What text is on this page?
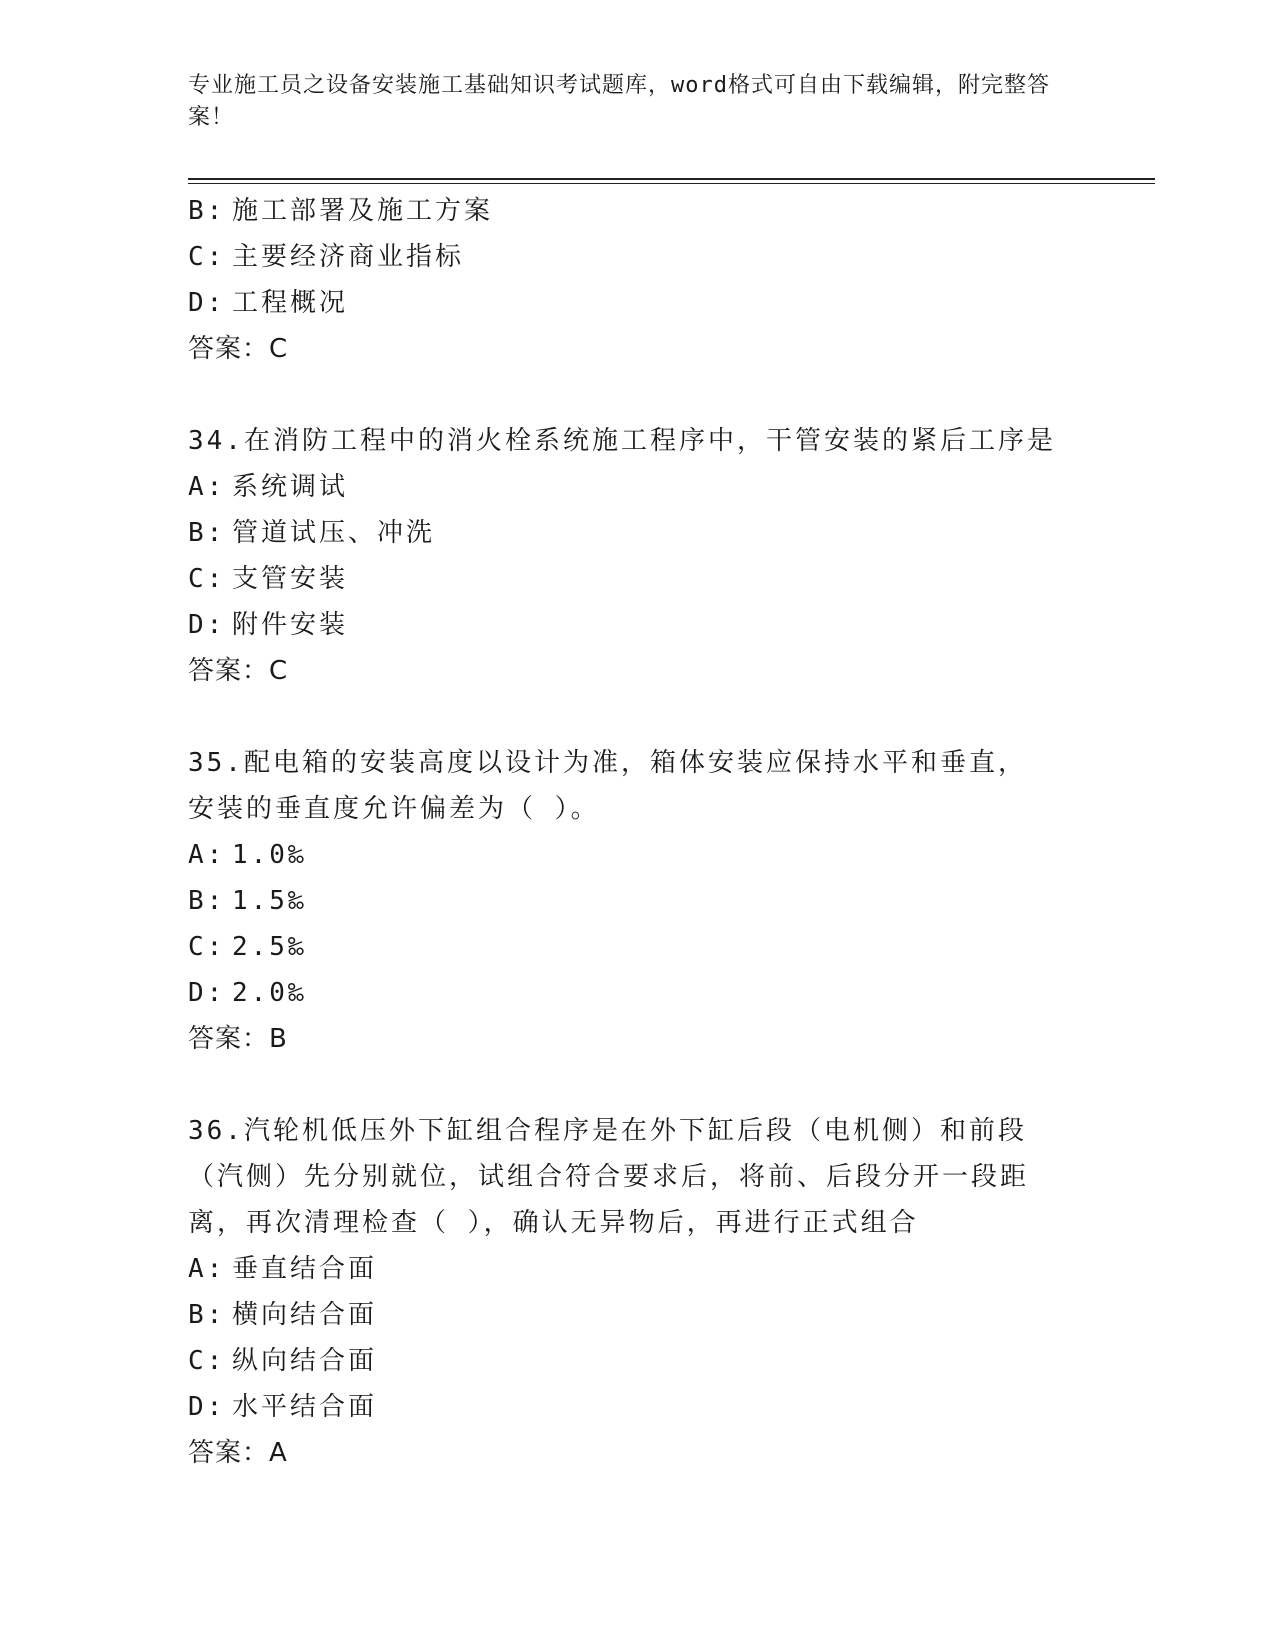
专业施工员之设备安装施工基础知识考试题库，word格式可自由下载编辑，附完整答案！
B: 施工部署及施工方案
C: 主要经济商业指标
D: 工程概况
答案：C

34.在消防工程中的消火栓系统施工程序中，干管安装的紧后工序是

A: 系统调试
B: 管道试压、冲洗
C: 支管安装
D: 附件安装
答案：C

35.配电箱的安装高度以设计为准，箱体安装应保持水平和垂直，安装的垂直度允许偏差为（ ）。

A: 1.0‰
B: 1.5‰
C: 2.5‰
D: 2.0‰
答案：B

36.汽轮机低压外下缸组合程序是在外下缸后段（电机侧）和前段（汽侧）先分别就位，试组合符合要求后，将前、后段分开一段距离，再次清理检查（ ），确认无异物后，再进行正式组合

A: 垂直结合面
B: 横向结合面
C: 纵向结合面
D: 水平结合面
答案：A
